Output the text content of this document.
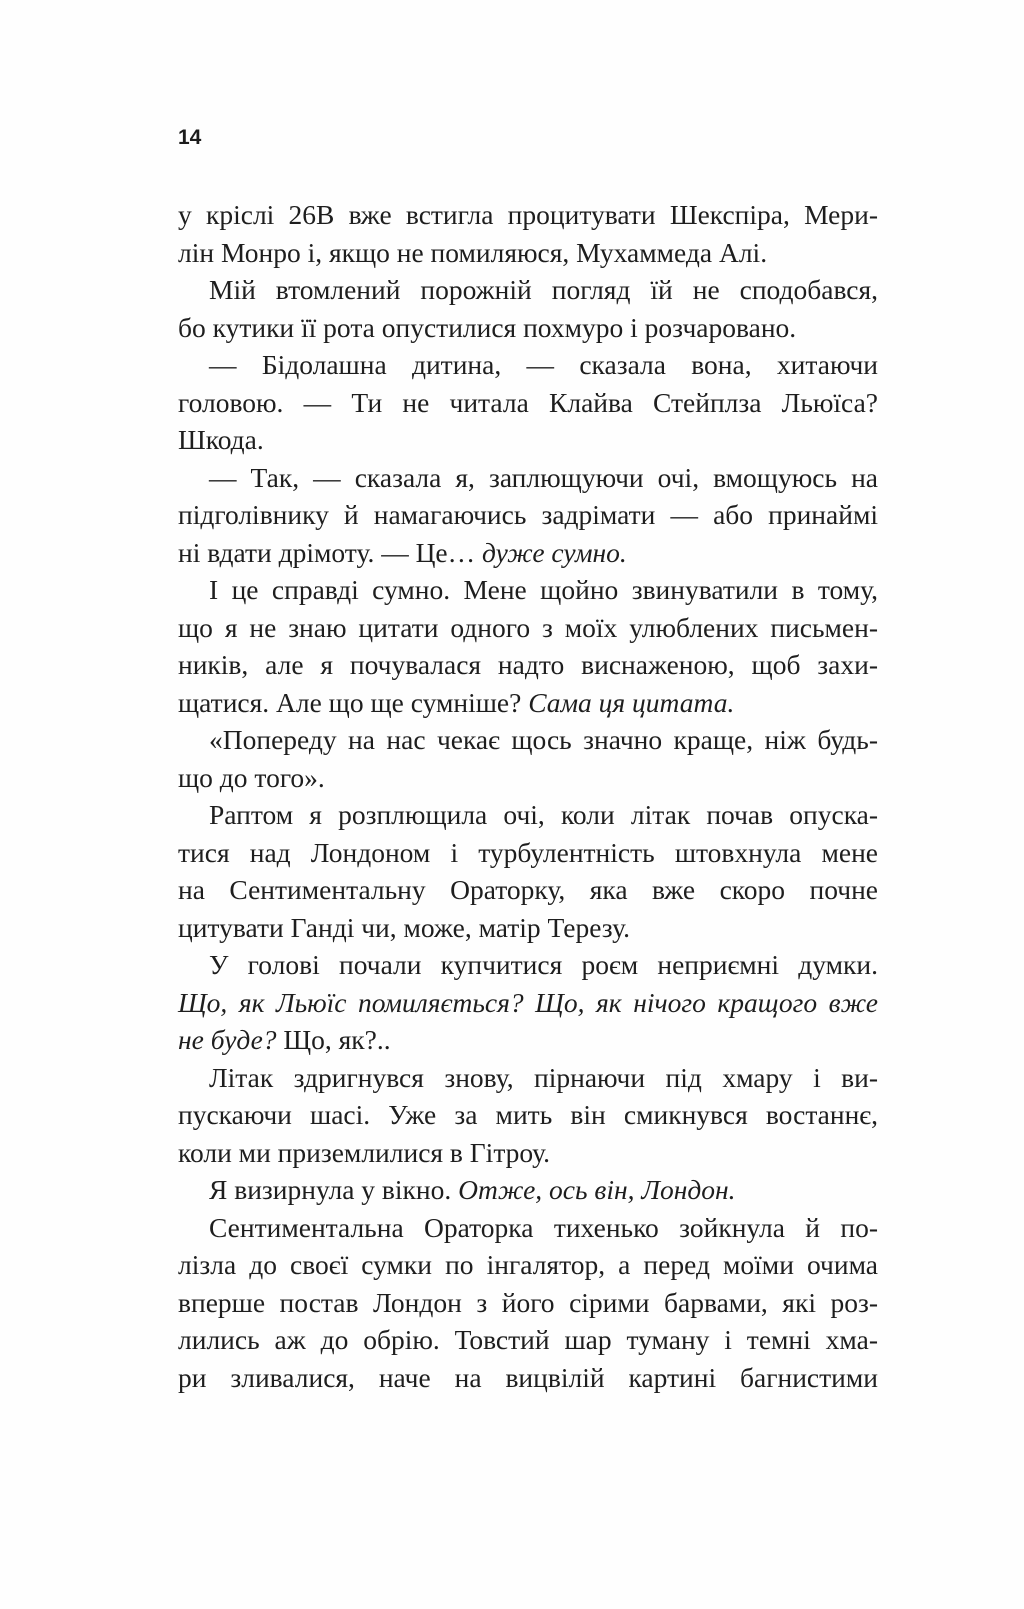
14

у кріслі 26B вже встигла процитувати Шекспіра, Мери-

лін Монро і, якщо не помиляюся, Мухаммеда Алі.

Мій втомлений порожній погляд їй не сподобався,

бо кутики її рота опустилися похмуро і розчаровано.

— Бідолашна дитина, — сказала вона, хитаючи

головою. — Ти не читала Клайва Стейплза Льюїса?

Шкода.

— Так, — сказала я, заплющуючи очі, вмощуюсь на

підголівнику й намагаючись задрімати — або принаймі

ні вдати дрімоту. — Це… дуже сумно.

І це справді сумно. Мене щойно звинуватили в тому,

що я не знаю цитати одного з моїх улюблених письмен-

ників, але я почувалася надто виснаженою, щоб захи-

щатися. Але що ще сумніше? Сама ця цитата.

«Попереду на нас чекає щось значно краще, ніж будь-

що до того».

Раптом я розплющила очі, коли літак почав опуска-

тися над Лондоном і турбулентність штовхнула мене

на Сентиментальну Ораторку, яка вже скоро почне

цитувати Ганді чи, може, матір Терезу.

У голові почали купчитися роєм неприємні думки.

Що, як Льюїс помиляється? Що, як нічого кращого вже

не буде? Що, як?..

Літак здригнувся знову, пірнаючи під хмару і ви-

пускаючи шасі. Уже за мить він смикнувся востаннє,

коли ми приземлилися в Гітроу.

Я визирнула у вікно. Отже, ось він, Лондон.

Сентиментальна Ораторка тихенько зойкнула й по-

лізла до своєї сумки по інгалятор, а перед моїми очима

вперше постав Лондон з його сірими барвами, які роз-

лились аж до обрію. Товстий шар туману і темні хма-

ри зливалися, наче на вицвілій картині багнистими
